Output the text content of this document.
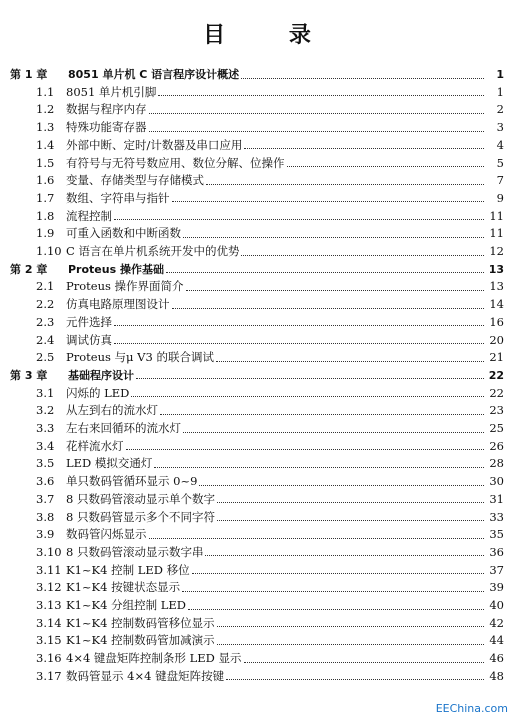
目 录
第 1 章	8051 单片机 C 语言程序设计概述	1
1.1	8051 单片机引脚	1
1.2	数据与程序内存	2
1.3	特殊功能寄存器	3
1.4	外部中断、定时/计数器及串口应用	4
1.5	有符号与无符号数应用、数位分解、位操作	5
1.6	变量、存储类型与存储模式	7
1.7	数组、字符串与指针	9
1.8	流程控制	11
1.9	可重入函数和中断函数	11
1.10 C 语言在单片机系统开发中的优势	12
第 2 章	Proteus 操作基础	13
2.1	Proteus 操作界面简介	13
2.2	仿真电路原理图设计	14
2.3	元件选择	16
2.4	调试仿真	20
2.5	Proteus 与μ V3 的联合调试	21
第 3 章	基础程序设计	22
3.1	闪烁的 LED	22
3.2	从左到右的流水灯	23
3.3	左右来回循环的流水灯	25
3.4	花样流水灯	26
3.5	LED 模拟交通灯	28
3.6	单只数码管循环显示 0~9	30
3.7	8 只数码管滚动显示单个数字	31
3.8	8 只数码管显示多个不同字符	33
3.9	数码管闪烁显示	35
3.10 8 只数码管滚动显示数字串	36
3.11 K1~K4 控制 LED 移位	37
3.12 K1~K4 按键状态显示	39
3.13 K1~K4 分组控制 LED	40
3.14 K1~K4 控制数码管移位显示	42
3.15 K1~K4 控制数码管加减演示	44
3.16 4×4 键盘矩阵控制条形 LED 显示	46
3.17 数码管显示 4×4 键盘矩阵按键	48
EEChina.com
